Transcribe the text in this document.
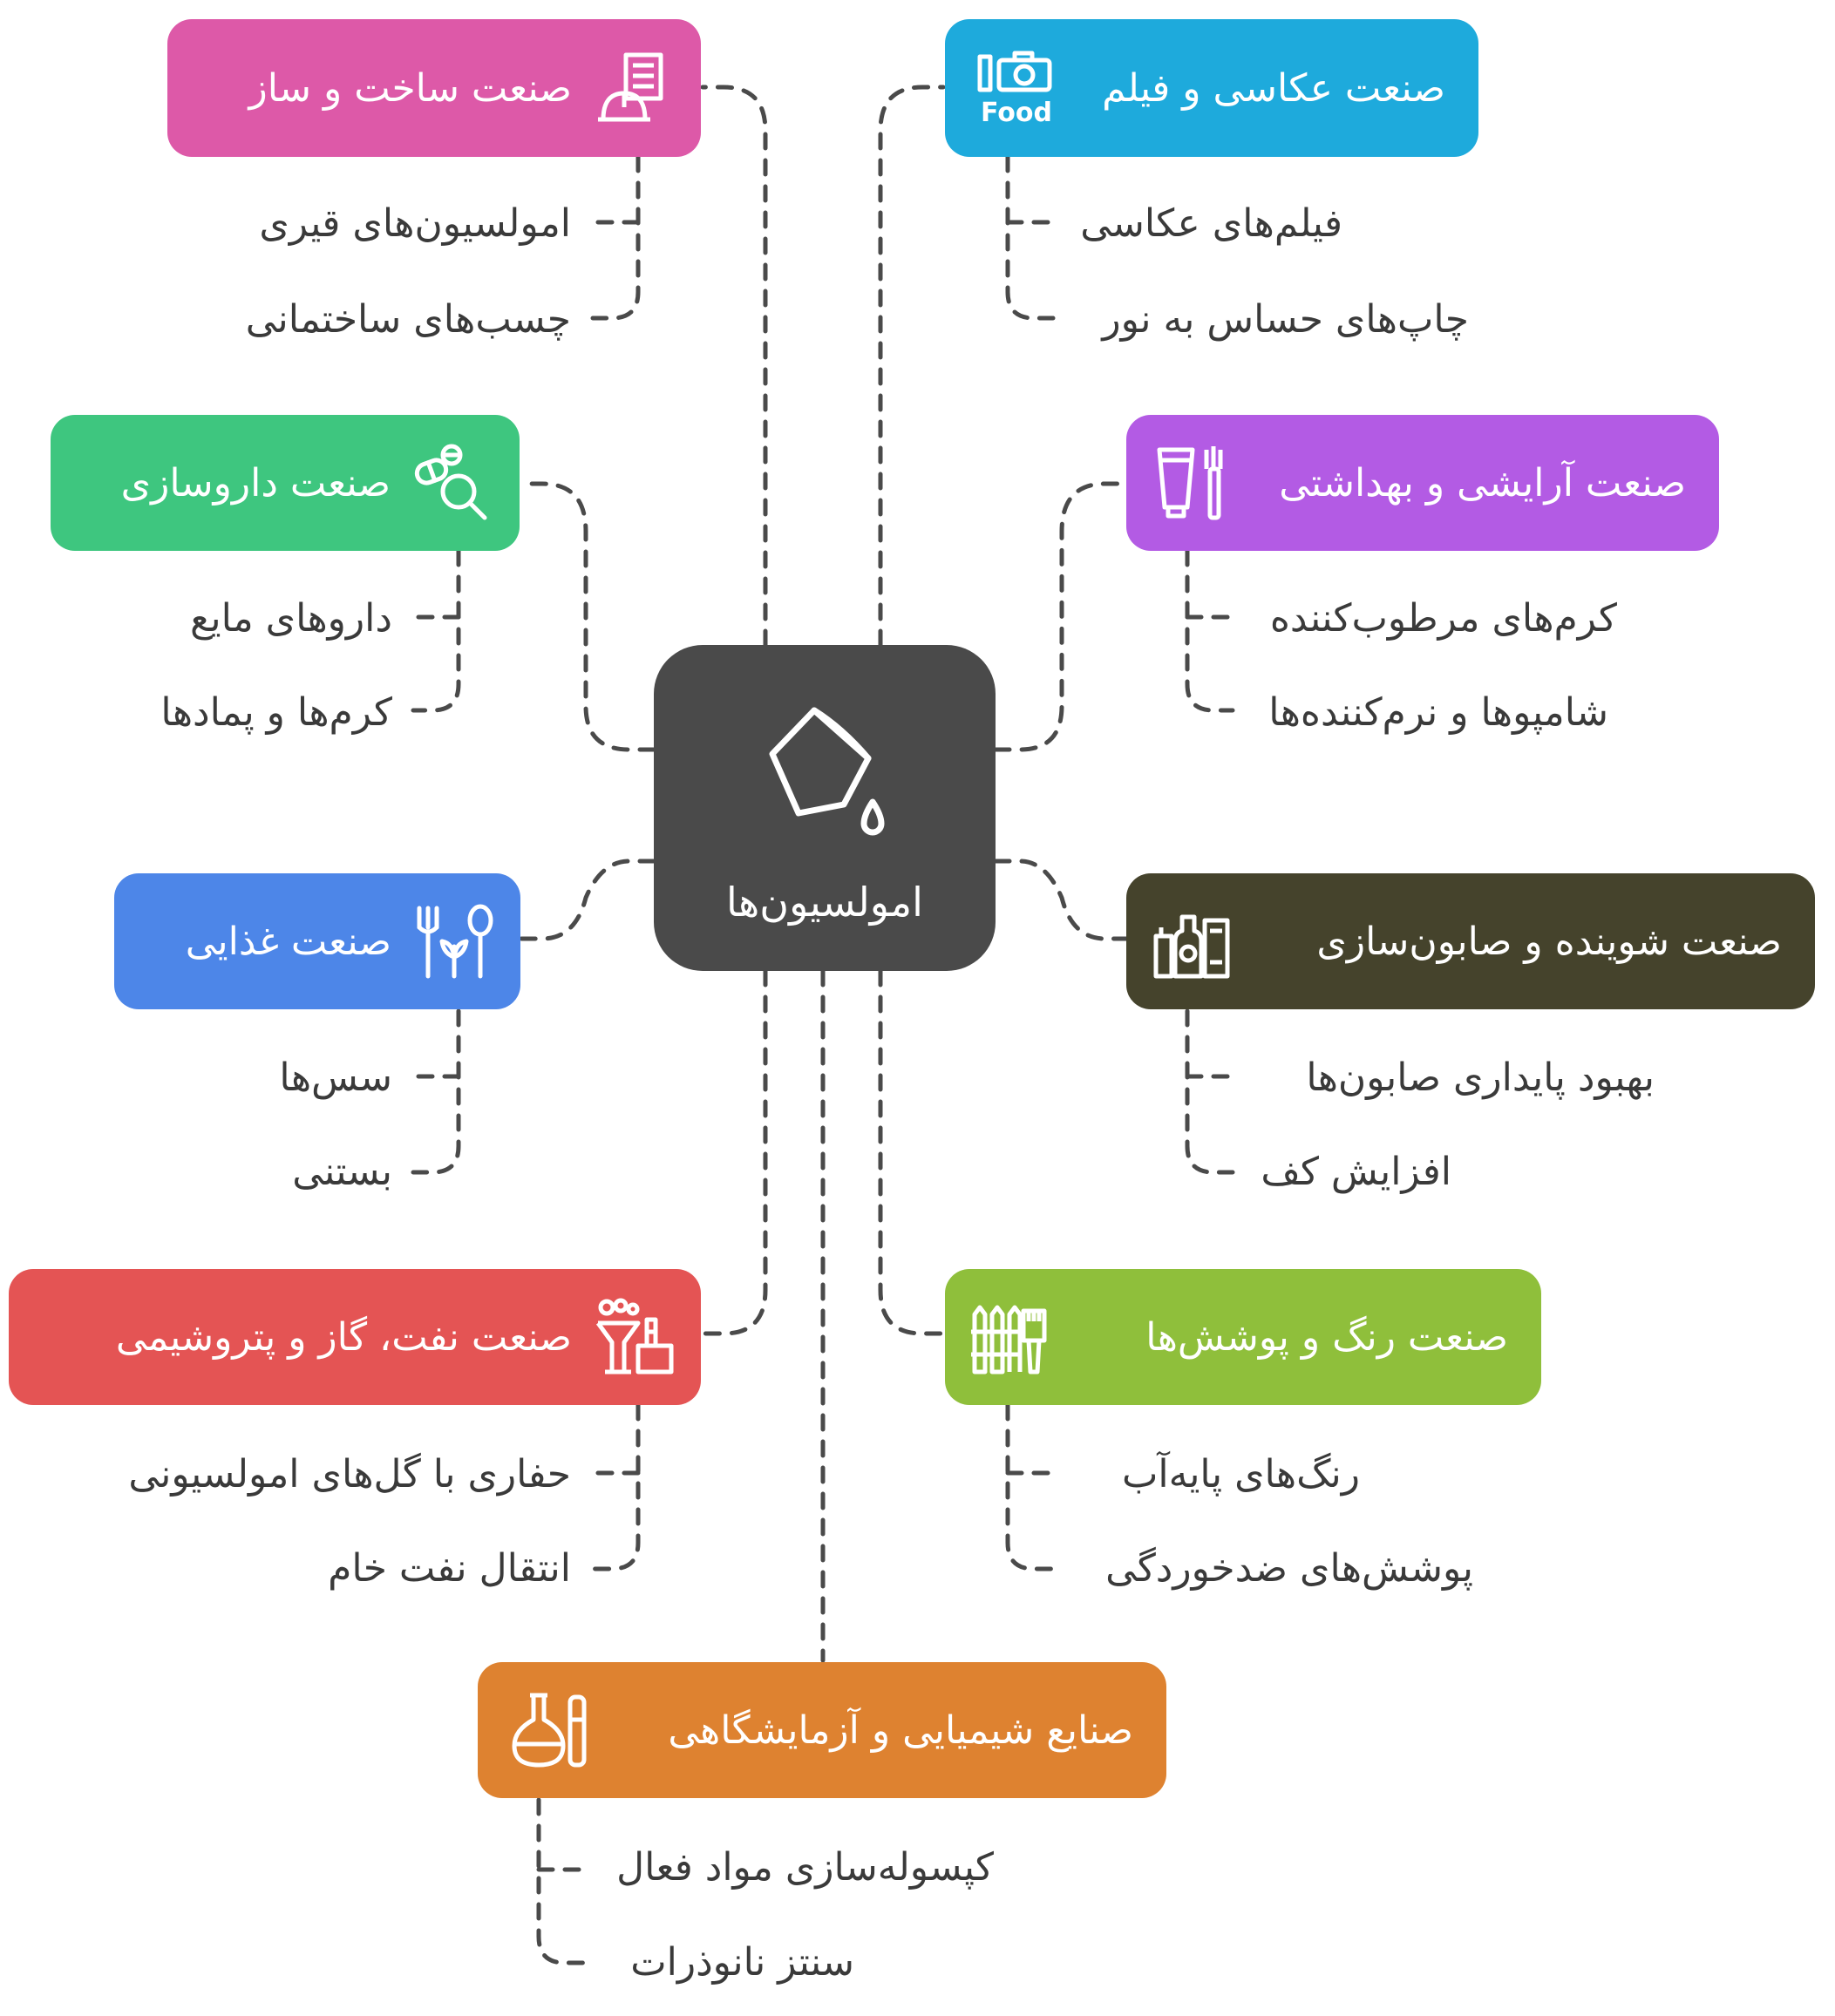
امولسیون‌ها
صنعت ساخت و ساز
امولسیون‌های قیری
چسب‌های ساختمانی
Food
صنعت عکاسی و فیلم
فیلم‌های عکاسی
چاپ‌های حساس به نور
صنعت داروسازی
داروهای مایع
کرم‌ها و پمادها
صنعت آرایشی و بهداشتی
کرم‌های مرطوب‌کننده
شامپوها و نرم‌کننده‌ها
صنعت غذایی
سس‌ها
بستنی
صنعت شوینده و صابون‌سازی
بهبود پایداری صابون‌ها
افزایش کف
صنعت نفت، گاز و پتروشیمی
حفاری با گل‌های امولسیونی
انتقال نفت خام
صنعت رنگ و پوشش‌ها
رنگ‌های پایه‌آب
پوشش‌های ضدخوردگی
صنایع شیمیایی و آزمایشگاهی
کپسوله‌سازی مواد فعال
سنتز نانوذرات
